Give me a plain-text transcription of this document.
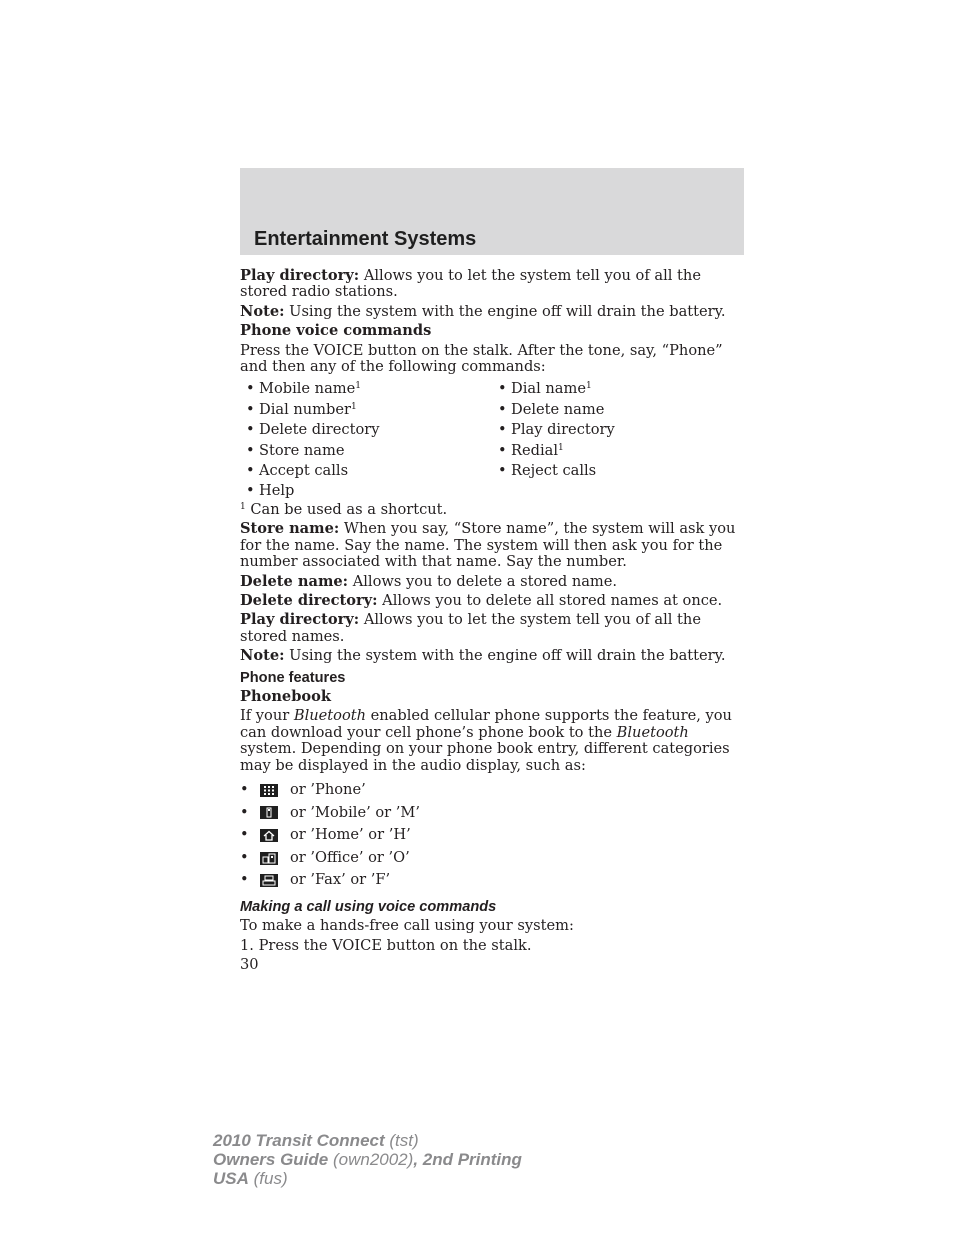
Entertainment Systems

Play directory: Allows you to let the system tell you of all the stored radio stations.

Note: Using the system with the engine off will drain the battery.

Phone voice commands

Press the VOICE button on the stalk. After the tone, say, “Phone” and then any of the following commands:

• Mobile name$^1$	• Dial name$^1$
• Dial number$^1$	• Delete name
• Delete directory	• Play directory
• Store name	• Redial$^1$
• Accept calls	• Reject calls
• Help

$^1$ Can be used as a shortcut.

Store name: When you say, “Store name”, the system will ask you for the name. Say the name. The system will then ask you for the number associated with that name. Say the number.

Delete name: Allows you to delete a stored name.

Delete directory: Allows you to delete all stored names at once.

Play directory: Allows you to let the system tell you of all the stored names.

Note: Using the system with the engine off will drain the battery.

Phone features

Phonebook

If your Bluetooth enabled cellular phone supports the feature, you can download your cell phone’s phone book to the Bluetooth system. Depending on your phone book entry, different categories may be displayed in the audio display, such as:

•	or ’Phone’
•	or ’Mobile’ or ’M’
•	or ’Home’ or ’H’
•	or ’Office’ or ’O’
•	or ’Fax’ or ’F’

Making a call using voice commands

To make a hands-free call using your system:

1. Press the VOICE button on the stalk.

30

2010 Transit Connect (tst)
Owners Guide (own2002), 2nd Printing
USA (fus)
